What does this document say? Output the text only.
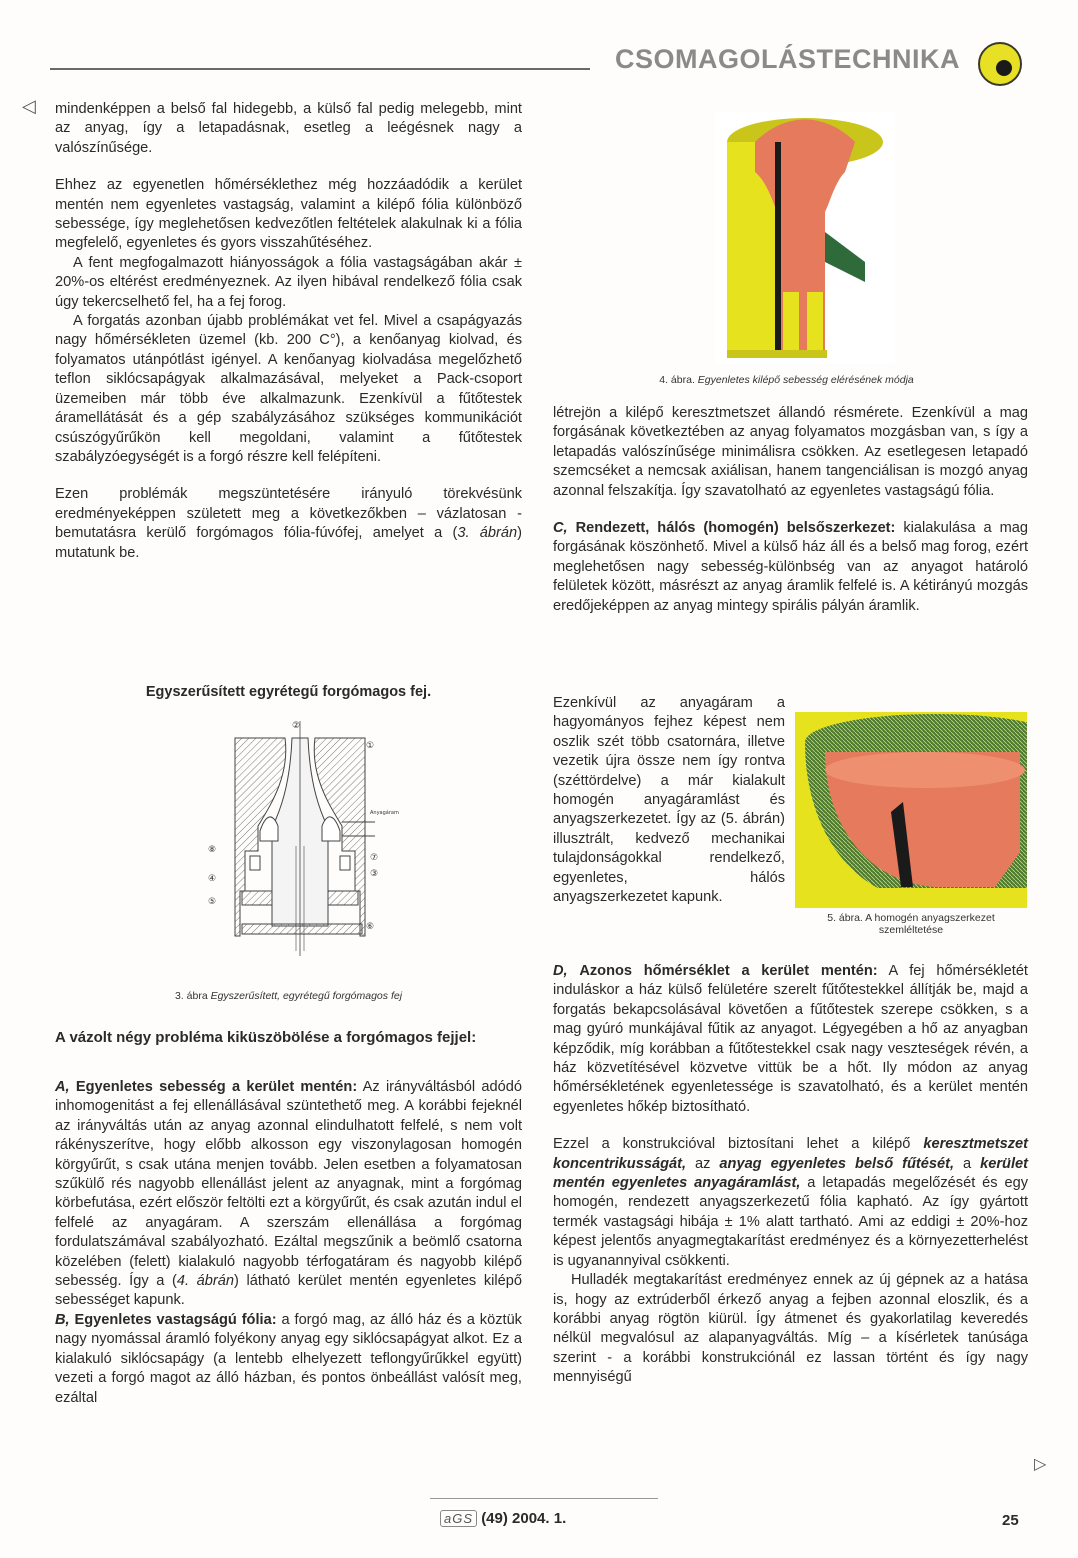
CSOMAGOLÁSTECHNIKA
◁ mindenképpen a belső fal hidegebb, a külső fal pedig melegebb, mint az anyag, így a letapadásnak, esetleg a leégésnek nagy a valószínűsége.

Ehhez az egyenetlen hőmérséklethez még hozzáadódik a kerület mentén nem egyenletes vastagság, valamint a kilépő fólia különböző sebessége, így meglehetősen kedvezőtlen feltételek alakulnak ki a fólia megfelelő, egyenletes és gyors visszahűtéséhez.

A fent megfogalmazott hiányosságok a fólia vastagságában akár ± 20%-os eltérést eredményeznek. Az ilyen hibával rendelkező fólia csak úgy tekercselhető fel, ha a fej forog.

A forgatás azonban újabb problémákat vet fel. Mivel a csapágyazás nagy hőmérsékleten üzemel (kb. 200 C°), a kenőanyag kiolvad, és folyamatos utánpótlást igényel. A kenőanyag kiolvadása megelőzhető teflon siklócsapágyak alkalmazásával, melyeket a Pack-csoport üzemeiben már több éve alkalmazunk. Ezenkívül a fűtőtestek áramellátását és a gép szabályzásához szükséges kommunikációt csúszógyűrűkön kell megoldani, valamint a fűtőtestek szabályzóegységét is a forgó részre kell felépíteni.

Ezen problémák megszüntetésére irányuló törekvésünk eredményeképpen született meg a következőkben – vázlatosan - bemutatásra kerülő forgómagos fólia-fúvófej, amelyet a (3. ábrán) mutatunk be.

Egyszerűsített egyrétegű forgómagos fej.
①
②
③
④
⑤
⑥
⑦
⑧
Anyagáram
3. ábra Egyszerűsített, egyrétegű forgómagos fej
A vázolt négy probléma kiküszöbölése a forgómagos fejjel:

A, Egyenletes sebesség a kerület mentén: Az irányváltásból adódó inhomogenitást a fej ellenállásával szüntethető meg. A korábbi fejeknél az irányváltás után az anyag azonnal elindulhatott felfelé, s nem volt rákényszerítve, hogy előbb alkosson egy viszonylagosan homogén körgyűrűt, s csak utána menjen tovább. Jelen esetben a folyamatosan szűkülő rés nagyobb ellenállást jelent az anyagnak, mint a forgómag körbefutása, ezért először feltölti ezt a körgyűrűt, és csak azután indul el felfelé az anyagáram. A szerszám ellenállása a forgómag fordulatszámával szabályozható. Ezáltal megszűnik a beömlő csatorna közelében (felett) kialakuló nagyobb térfogatáram és nagyobb kilépő sebesség. Így a (4. ábrán) látható kerület mentén egyenletes kilépő sebességet kapunk.

B, Egyenletes vastagságú fólia: a forgó mag, az álló ház és a köztük nagy nyomással áramló folyékony anyag egy siklócsapágyat alkot. Ez a kialakuló siklócsapágy (a lentebb elhelyezett teflongyűrűkkel együtt) vezeti a forgó magot az álló házban, és pontos önbeállást valósít meg, ezáltal

4. ábra. Egyenletes kilépő sebesség elérésének módja

létrejön a kilépő keresztmetszet állandó résmérete. Ezenkívül a mag forgásának következtében az anyag folyamatos mozgásban van, s így a letapadás valószínűsége minimálisra csökken. Az esetlegesen letapadó szemcséket a nemcsak axiálisan, hanem tangenciálisan is mozgó anyag azonnal felszakítja. Így szavatolható az egyenletes vastagságú fólia.

C, Rendezett, hálós (homogén) belsőszerkezet: kialakulása a mag forgásának köszönhető. Mivel a külső ház áll és a belső mag forog, ezért meglehetősen nagy sebesség-különbség van az anyagot határoló felületek között, másrészt az anyag áramlik felfelé is. A kétirányú mozgás eredőjeképpen az anyag mintegy spirális pályán áramlik.

Ezenkívül az anyagáram a hagyományos fejhez képest nem oszlik szét több csatornára, illetve vezetik újra össze nem így rontva (széttördelve) a már kialakult homogén anyagáramlást és anyagszerkezetet. Így az (5. ábrán) illusztrált, kedvező mechanikai tulajdonságokkal rendelkező, egyenletes, hálós anyagszerkezetet kapunk.
5. ábra. A homogén anyagszerkezet szemléltetése

D, Azonos hőmérséklet a kerület mentén: A fej hőmérsékletét induláskor a ház külső felületére szerelt fűtőtestekkel állítják be, majd a forgatás bekapcsolásával követően a fűtőtestek szerepe csökken, s a mag gyúró munkájával fűtik az anyagot. Légyegében a hő az anyagban képződik, míg korábban a fűtőtestekkel csak nagy veszteségek révén, a ház közvetítésével közvetve vittük be a hőt. Ily módon az anyag hőmérsékletének egyenletessége is szavatolható, és a kerület mentén egyenletes hőkép biztosítható.

Ezzel a konstrukcióval biztosítani lehet a kilépő keresztmetszet koncentrikusságát, az anyag egyenletes belső fűtését, a kerület mentén egyenletes anyagáramlást, a letapadás megelőzését és egy homogén, rendezett anyagszerkezetű fólia kapható. Az így gyártott termék vastagsági hibája ± 1% alatt tartható. Ami az eddigi ± 20%-hoz képest jelentős anyagmegtakarítást eredményez és a környezetterhelést is ugyanannyival csökkenti.

Hulladék megtakarítást eredményez ennek az új gépnek az a hatása is, hogy az extrúderből érkező anyag a fejben azonnal eloszlik, és a korábbi anyag rögtön kiürül. Így átmenet és gyakorlatilag keveredés nélkül megvalósul az alapanyagváltás. Míg – a kísérletek tanúsága szerint - a korábbi konstrukciónál ez lassan történt és így nagy mennyiségű

▷
aGS (49) 2004. 1.	25
